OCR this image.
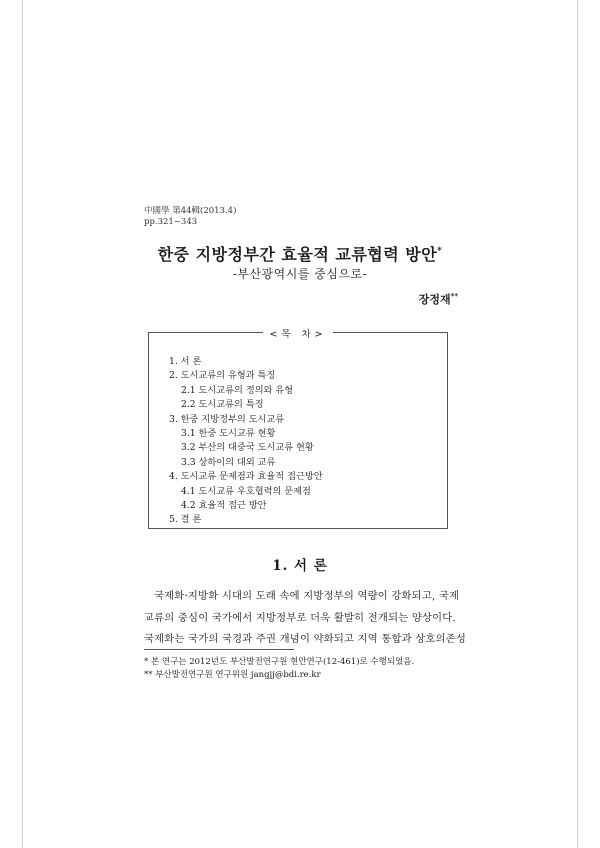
中國學 第44輯(2013.4)
pp.321~343
한중 지방정부간 효율적 교류협력 방안*
-부산광역시를 중심으로-
장정재**
<목 차>
1. 서 론
2. 도시교류의 유형과 특징
2.1 도시교류의 정의와 유형
2.2 도시교류의 특징
3. 한중 지방정부의 도시교류
3.1 한중 도시교류 현황
3.2 부산의 대중국 도시교류 현황
3.3 상하이의 대외 교류
4. 도시교류 문제점과 효율적 접근방안
4.1 도시교류 우호협력의 문제점
4.2 효율적 접근 방안
5. 결 론
1. 서 론

국제화·지방화 시대의 도래 속에 지방정부의 역량이 강화되고, 국제

교류의 중심이 국가에서 지방정부로 더욱 활발히 전개되는 양상이다.

국제화는 국가의 국경과 주권 개념이 약화되고 지역 통합과 상호의존성

* 본 연구는 2012년도 부산발전연구원 현안연구(12-461)로 수행되었음.

** 부산발전연구원 연구위원 jangjj@bdi.re.kr
